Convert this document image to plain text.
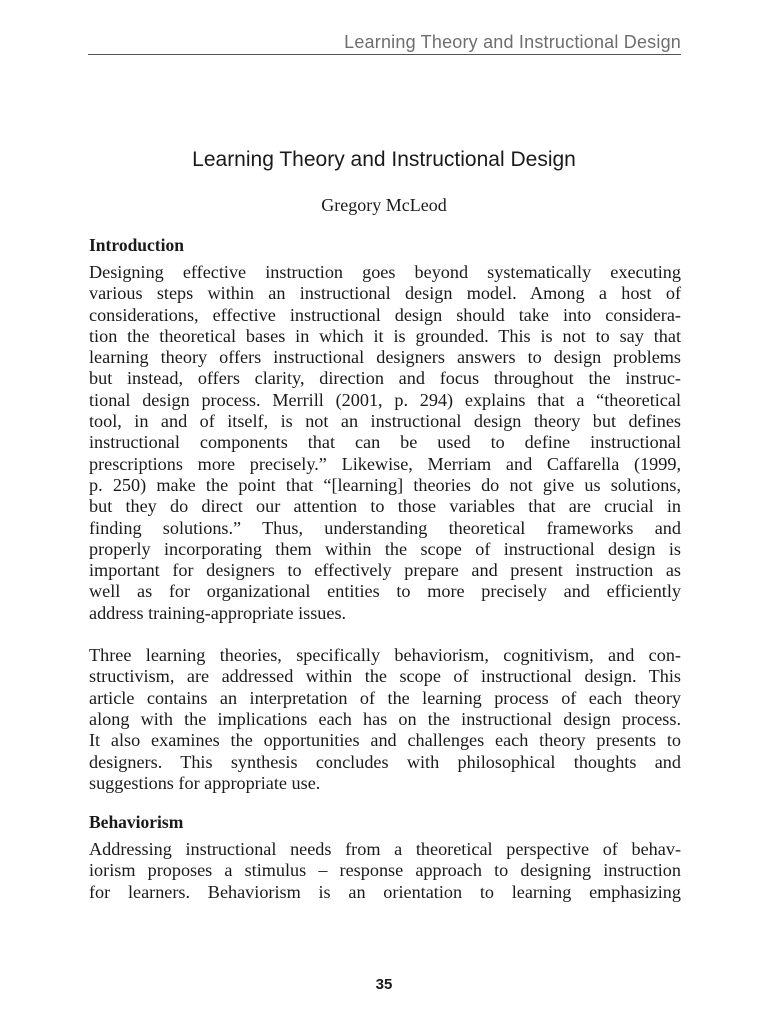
Learning Theory and Instructional Design
Learning Theory and Instructional Design
Gregory McLeod
Introduction
Designing effective instruction goes beyond systematically executing
various steps within an instructional design model. Among a host of
considerations, effective instructional design should take into considera-
tion the theoretical bases in which it is grounded. This is not to say that
learning theory offers instructional designers answers to design problems
but instead, offers clarity, direction and focus throughout the instruc-
tional design process. Merrill (2001, p. 294) explains that a “theoretical
tool, in and of itself, is not an instructional design theory but defines
instructional components that can be used to define instructional
prescriptions more precisely.” Likewise, Merriam and Caffarella (1999,
p. 250) make the point that “[learning] theories do not give us solutions,
but they do direct our attention to those variables that are crucial in
finding solutions.” Thus, understanding theoretical frameworks and
properly incorporating them within the scope of instructional design is
important for designers to effectively prepare and present instruction as
well as for organizational entities to more precisely and efficiently
address training-appropriate issues.
Three learning theories, specifically behaviorism, cognitivism, and con-
structivism, are addressed within the scope of instructional design. This
article contains an interpretation of the learning process of each theory
along with the implications each has on the instructional design process.
It also examines the opportunities and challenges each theory presents to
designers. This synthesis concludes with philosophical thoughts and
suggestions for appropriate use.
Behaviorism
Addressing instructional needs from a theoretical perspective of behav-
iorism proposes a stimulus – response approach to designing instruction
for learners. Behaviorism is an orientation to learning emphasizing
35
